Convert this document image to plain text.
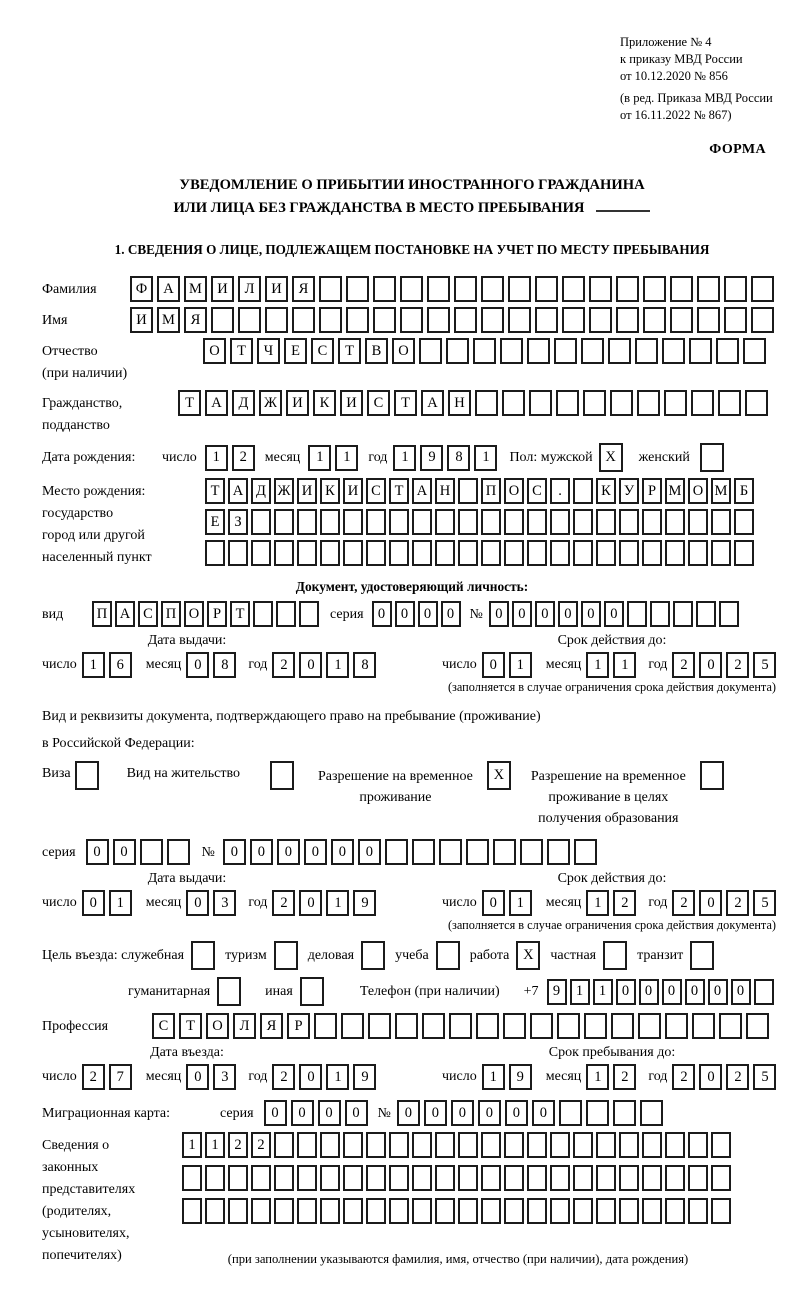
Приложение № 4
к приказу МВД России
от 10.12.2020 № 856
(в ред. Приказа МВД России
от 16.11.2022 № 867)
ФОРМА
УВЕДОМЛЕНИЕ О ПРИБЫТИИ ИНОСТРАННОГО ГРАЖДАНИНА
ИЛИ ЛИЦА БЕЗ ГРАЖДАНСТВА В МЕСТО ПРЕБЫВАНИЯ
1. СВЕДЕНИЯ О ЛИЦЕ, ПОДЛЕЖАЩЕМ ПОСТАНОВКЕ НА УЧЕТ ПО МЕСТУ ПРЕБЫВАНИЯ
Фамилия	Ф	А	М	И	Л	И	Я
Имя	И	М	Я
Отчество
(при наличии)
О	Т	Ч	Е	С	Т	В	О
Гражданство,
подданство
Т	А	Д	Ж	И	К	И	С	Т	А	Н
Дата рождения:	число	1	2	месяц	1	1	год 1	9	8	1	Пол: мужской X	женский
Место рождения:
государство
город или другой
населенный пункт
Т А Д Ж И К И С Т А Н	П О С	.	К У Р М О М Б
Е	З
Документ, удостоверяющий личность:
вид	П А С П О Р	Т	серия 0	0	0	0	№ 0	0	0	0	0	0
Дата выдачи:
число 1	6	месяц 0	8	год 2	0	1	8
Срок действия до:
число 0	1	месяц 1	1	год 2	0	2	5
(заполняется в случае ограничения срока действия документа)
Вид и реквизиты документа, подтверждающего право на пребывание (проживание)
в Российской Федерации:
Виза	Вид на жительство	Разрешение на временное
проживание
X	Разрешение на временное
проживание в целях
получения образования
серия	0	0	№	0	0	0	0	0	0
Дата выдачи:
число 0	1	месяц 0	3	год 2	0	1	9
Срок действия до:
число 0	1	месяц 1	2	год 2	0	2	5
(заполняется в случае ограничения срока действия документа)
Цель въезда: служебная	туризм	деловая	учеба	работа X	частная	транзит
гуманитарная	иная	Телефон (при наличии) +7 9	1	1	0	0	0	0	0	0
Профессия	С	Т	О	Л	Я	Р
Дата въезда:
число 2	7	месяц 0	3	год 2	0	1	9
Срок пребывания до:
число 1	9	месяц 1	2	год 2	0	2	5
Миграционная карта:	серия	0	0	0	0	№ 0	0	0	0	0	0
Сведения о
законных
представителях
(родителях,
усыновителях,
попечителях)
1	1	2	2
(при заполнении указываются фамилия, имя, отчество (при наличии), дата рождения)
